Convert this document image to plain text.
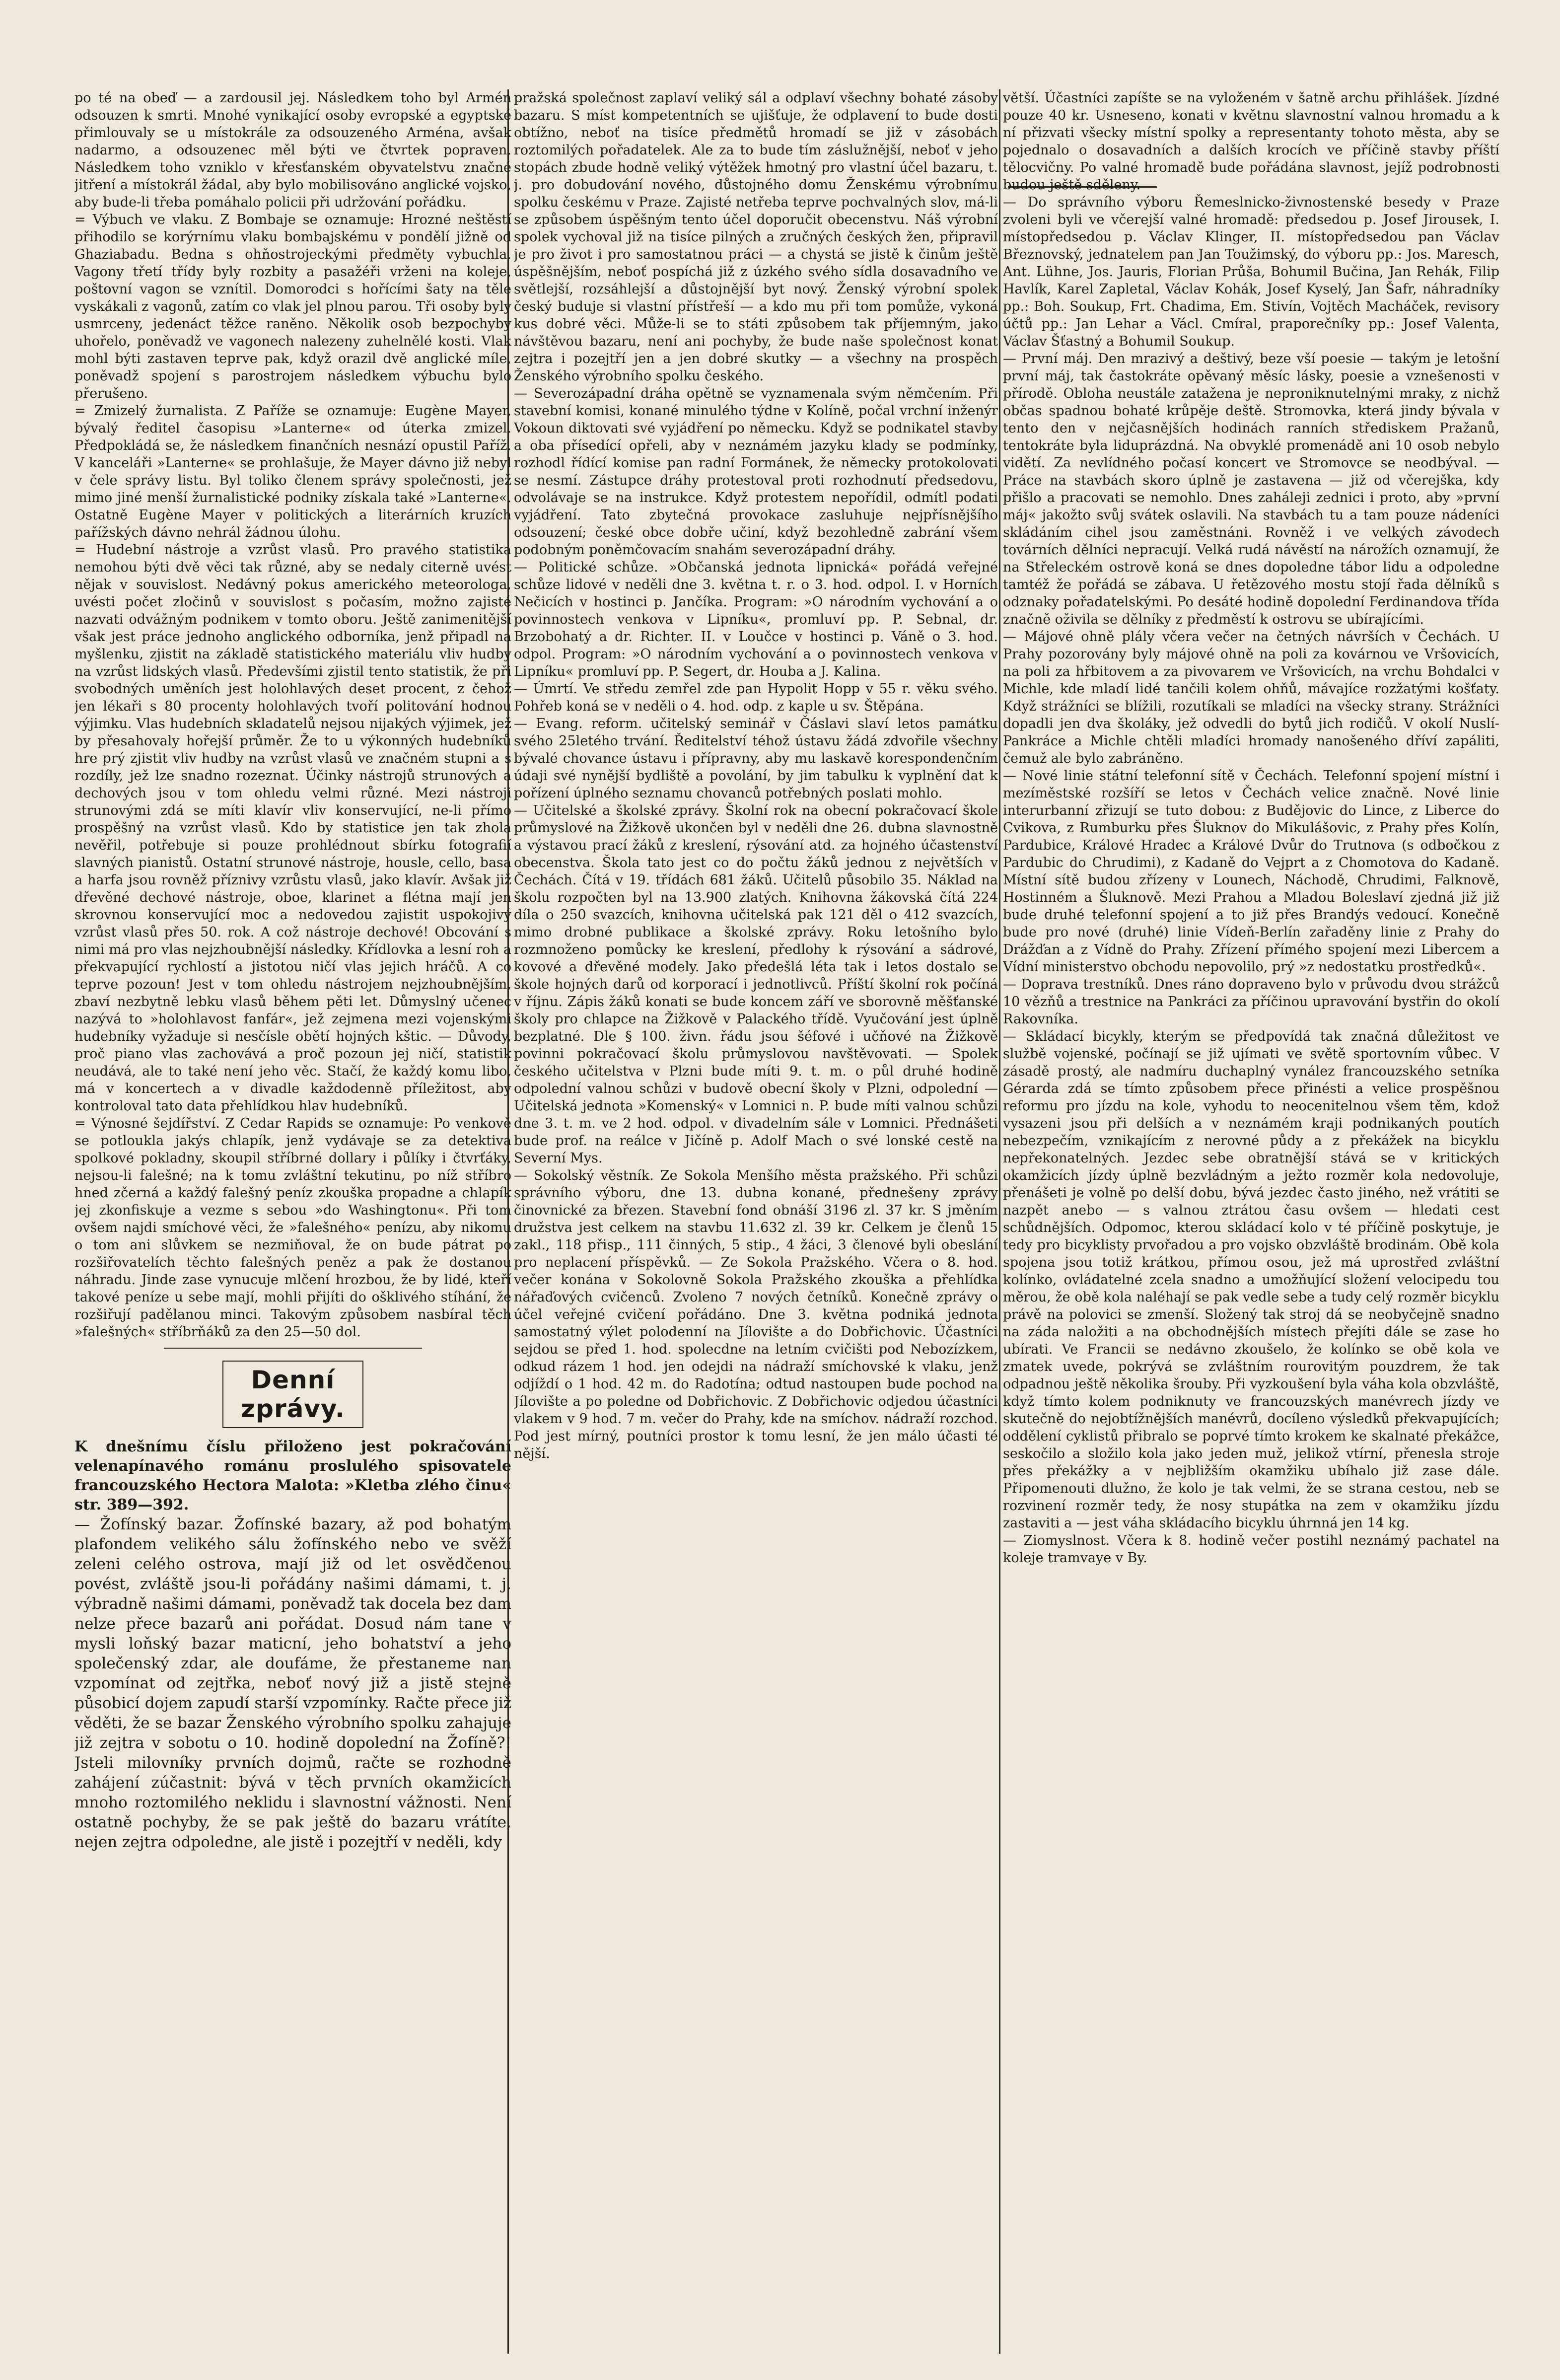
po té na obeď — a zardousil jej. Následkem toho byl Armén odsouzen k smrti. Mnohé vynikající osoby evropské a egyptské přimlouvaly se u místokrále za odsouzeného Arména, avšak nadarmo, a odsouzenec měl býti ve čtvrtek popraven. Následkem toho vzniklo v křesťanském obyvatelstvu značné jitření a místokrál žádal, aby bylo mobilisováno anglické vojsko, aby bude-li třeba pomáhalo policii při udržování pořádku.

= Výbuch ve vlaku. Z Bombaje se oznamuje: Hrozné neštěstí přihodilo se korýrnímu vlaku bombajskému v pondělí jižně od Ghaziabadu. Bedna s ohňostrojeckými předměty vybuchla. Vagony třetí třídy byly rozbity a pasažéři vrženi na koleje, poštovní vagon se vznítil. Domorodci s hořícími šaty na těle vyskákali z vagonů, zatím co vlak jel plnou parou. Tři osoby byly usmrceny, jedenáct těžce raněno. Několik osob bezpochyby uhořelo, poněvadž ve vagonech nalezeny zuhelnělé kosti. Vlak mohl býti zastaven teprve pak, když orazil dvě anglické míle, poněvadž spojení s parostrojem následkem výbuchu bylo přerušeno.

= Zmizelý žurnalista. Z Paříže se oznamuje: Eugène Mayer, bývalý ředitel časopisu »Lanterne« od úterka zmizel. Předpokládá se, že následkem finančních nesnází opustil Paříž. V kanceláři »Lanterne« se prohlašuje, že Mayer dávno již nebyl v čele správy listu. Byl toliko členem správy společnosti, jež mimo jiné menší žurnalistické podniky získala také »Lanterne«. Ostatně Eugène Mayer v politických a literárních kruzích pařížských dávno nehrál žádnou úlohu.

= Hudební nástroje a vzrůst vlasů. Pro pravého statistika nemohou býti dvě věci tak různé, aby se nedaly citerně uvést nějak v souvislost. Nedávný pokus amerického meteorologa, uvésti počet zločinů v souvislost s počasím, možno zajisté nazvati odvážným podnikem v tomto oboru. Ještě zanimenitější však jest práce jednoho anglického odborníka, jenž připadl na myšlenku, zjistit na základě statistického materiálu vliv hudby na vzrůst lidských vlasů. Předevšími zjistil tento statistik, že při svobodných uměních jest holohlavých deset procent, z čehož jen lékaři s 80 procenty holohlavých tvoří politování hodnou výjimku. Vlas hudebních skladatelů nejsou nijakých výjimek, jež by přesahovaly hořejší průměr. Že to u výkonných hudebníků hre prý zjistit vliv hudby na vzrůst vlasů ve značném stupni a s rozdíly, jež lze snadno rozeznat. Účinky nástrojů strunových a dechových jsou v tom ohledu velmi různé. Mezi nástroji strunovými zdá se míti klavír vliv konservující, ne-li přímo prospěšný na vzrůst vlasů. Kdo by statistice jen tak zhola nevěřil, potřebuje si pouze prohlédnout sbírku fotografií slavných pianistů. Ostatní strunové nástroje, housle, cello, basa a harfa jsou rovněž příznivy vzrůstu vlasů, jako klavír. Avšak již dřevěné dechové nástroje, oboe, klarinet a flétna mají jen skrovnou konservující moc a nedovedou zajistit uspokojivý vzrůst vlasů přes 50. rok. A což nástroje dechové! Obcování s nimi má pro vlas nejzhoubnější následky. Křídlovka a lesní roh a překvapující rychlostí a jistotou ničí vlas jejich hráčů. A co teprve pozoun! Jest v tom ohledu nástrojem nejzhoubnějším, zbaví nezbytně lebku vlasů během pěti let. Důmyslný učenec nazývá to »holohlavost fanfár«, jež zejmena mezi vojenskými hudebníky vyžaduje si nesčísle obětí hojných kštic. — Důvody, proč piano vlas zachovává a proč pozoun jej ničí, statistik neudává, ale to také není jeho věc. Stačí, že každý komu libo, má v koncertech a v divadle každodenně příležitost, aby kontroloval tato data přehlídkou hlav hudebníků.

= Výnosné šejdířství. Z Cedar Rapids se oznamuje: Po venkově se potloukla jakýs chlapík, jenž vydávaje se za detektiva spolkové pokladny, skoupil stříbrné dollary i půlíky i čtvrťáky, nejsou-li falešné; na k tomu zvláštní tekutinu, po níž stříbro hned zčerná a každý falešný peníz zkouška propadne a chlapík jej zkonfiskuje a vezme s sebou »do Washingtonu«. Při tom ovšem najdi smíchové věci, že »falešného« penízu, aby nikomu o tom ani slůvkem se nezmiňoval, že on bude pátrat po rozšiřovatelích těchto falešných peněz a pak že dostanou náhradu. Jinde zase vynucuje mlčení hrozbou, že by lidé, kteří takové peníze u sebe mají, mohli přijíti do ošklivého stíhání, že rozšiřují padělanou minci. Takovým způsobem nasbíral těch »falešných« stříbrňáků za den 25—50 dol.

Denní zprávy.

K dnešnímu číslu přiloženo jest pokračování velenapínavého románu proslulého spisovatele francouzského Hectora Malota: »Kletba zlého činu« str. 389—392.

— Žofínský bazar. Žofínské bazary, až pod bohatým plafondem velikého sálu žofínského nebo ve svěží zeleni celého ostrova, mají již od let osvědčenou povést, zvláště jsou-li pořádány našimi dámami, t. j. výbradně našimi dámami, poněvadž tak docela bez dam nelze přece bazarů ani pořádat. Dosud nám tane v mysli loňský bazar maticní, jeho bohatství a jeho společenský zdar, ale doufáme, že přestaneme nan vzpomínat od zejtřka, neboť nový již a jistě stejně působicí dojem zapudí starší vzpomínky. Račte přece již věděti, že se bazar Ženského výrobního spolku zahajuje již zejtra v sobotu o 10. hodině dopolední na Žofíně?! Jsteli milovníky prvních dojmů, račte se rozhodně zahájení zúčastnit: bývá v těch prvních okamžicích mnoho roztomilého neklidu i slavnostní vážnosti. Není ostatně pochyby, že se pak ještě do bazaru vrátíte, nejen zejtra odpoledne, ale jistě i pozejtří v neděli, kdy

pražská společnost zaplaví veliký sál a odplaví všechny bohaté zásoby bazaru. S míst kompetentních se ujišťuje, že odplavení to bude dosti obtížno, neboť na tisíce předmětů hromadí se již v zásobách roztomilých pořadatelek. Ale za to bude tím záslužnější, neboť v jeho stopách zbude hodně veliký výtěžek hmotný pro vlastní účel bazaru, t. j. pro dobudování nového, důstojného domu Ženskému výrobnímu spolku českému v Praze. Zajisté netřeba teprve pochvalných slov, má-li se způsobem úspěšným tento účel doporučit obecenstvu. Náš výrobní spolek vychoval již na tisíce pilných a zručných českých žen, připravil je pro život i pro samostatnou práci — a chystá se jistě k činům ještě úspěšnějším, neboť pospíchá již z úzkého svého sídla dosavadního ve světlejší, rozsáhlejší a důstojnější byt nový. Ženský výrobní spolek český buduje si vlastní přístřeší — a kdo mu při tom pomůže, vykoná kus dobré věci. Může-li se to státi způsobem tak příjemným, jako návštěvou bazaru, není ani pochyby, že bude naše společnost konat zejtra i pozejtří jen a jen dobré skutky — a všechny na prospěch Ženského výrobního spolku českého.

— Severozápadní dráha opětně se vyznamenala svým němčením. Při stavební komisi, konané minulého týdne v Kolíně, počal vrchní inženýr Vokoun diktovati své vyjádření po německu. Když se podnikatel stavby a oba přísedící opřeli, aby v neznámém jazyku klady se podmínky, rozhodl řídící komise pan radní Formánek, že německy protokolovati se nesmí. Zástupce dráhy protestoval proti rozhodnutí předsedovu, odvolávaje se na instrukce. Když protestem nepořídil, odmítl podati vyjádření. Tato zbytečná provokace zasluhuje nejpřísnějšího odsouzení; české obce dobře učiní, když bezohledně zabrání všem podobným poněmčovacím snahám severozápadní dráhy.

— Politické schůze. »Občanská jednota lipnická« pořádá veřejné schůze lidové v neděli dne 3. května t. r. o 3. hod. odpol. I. v Horních Nečicích v hostinci p. Jančíka. Program: »O národním vychování a o povinnostech venkova v Lipníku«, promluví pp. P. Sebnal, dr. Brzobohatý a dr. Richter. II. v Loučce v hostinci p. Váně o 3. hod. odpol. Program: »O národním vychování a o povinnostech venkova v Lipníku« promluví pp. P. Segert, dr. Houba a J. Kalina.

— Úmrtí. Ve středu zemřel zde pan Hypolit Hopp v 55 r. věku svého. Pohřeb koná se v neděli o 4. hod. odp. z kaple u sv. Štěpána.

— Evang. reform. učitelský seminář v Čáslavi slaví letos památku svého 25letého trvání. Ředitelství téhož ústavu žádá zdvořile všechny bývalé chovance ústavu i přípravny, aby mu laskavě korespondenčním údaji své nynější bydliště a povolání, by jim tabulku k vyplnění dat k pořízení úplného seznamu chovanců potřebných poslati mohlo.

— Učitelské a školské zprávy. Školní rok na obecní pokračovací škole průmyslové na Žižkově ukončen byl v neděli dne 26. dubna slavnostně a výstavou prací žáků z kreslení, rýsování atd. za hojného účastenství obecenstva. Škola tato jest co do počtu žáků jednou z největších v Čechách. Čítá v 19. třídách 681 žáků. Učitelů působilo 35. Náklad na školu rozpočten byl na 13.900 zlatých. Knihovna žákovská čítá 224 díla o 250 svazcích, knihovna učitelská pak 121 děl o 412 svazcích, mimo drobné publikace a školské zprávy. Roku letošního bylo rozmnoženo pomůcky ke kreslení, předlohy k rýsování a sádrové, kovové a dřevěné modely. Jako předešlá léta tak i letos dostalo se škole hojných darů od korporací i jednotlivců. Příští školní rok počíná v říjnu. Zápis žáků konati se bude koncem září ve sborovně měšťanské školy pro chlapce na Žižkově v Palackého třídě. Vyučování jest úplně bezplatné. Dle § 100. živn. řádu jsou šéfové i učňové na Žižkově povinni pokračovací školu průmyslovou navštěvovati. — Spolek českého učitelstva v Plzni bude míti 9. t. m. o půl druhé hodině odpolední valnou schůzi v budově obecní školy v Plzni, odpolední — Učitelská jednota »Komenský« v Lomnici n. P. bude míti valnou schůzi dne 3. t. m. ve 2 hod. odpol. v divadelním sále v Lomnici. Přednášeti bude prof. na reálce v Jičíně p. Adolf Mach o své lonské cestě na Severní Mys.

— Sokolský věstník. Ze Sokola Menšího města pražského. Při schůzi správního výboru, dne 13. dubna konané, přednešeny zprávy činovnické za březen. Stavební fond obnáší 3196 zl. 37 kr. S jměním družstva jest celkem na stavbu 11.632 zl. 39 kr. Celkem je členů 15 zakl., 118 přisp., 111 činných, 5 stip., 4 žáci, 3 členové byli obeslání pro neplacení příspěvků. — Ze Sokola Pražského. Včera o 8. hod. večer konána v Sokolovně Sokola Pražského zkouška a přehlídka nářaďových cvičenců. Zvoleno 7 nových četníků. Konečně zprávy o účel veřejné cvičení pořádáno. Dne 3. května podniká jednota samostatný výlet polodenní na Jílovište a do Dobřichovic. Účastníci sejdou se před 1. hod. spolecdne na letním cvičišti pod Nebozízkem, odkud rázem 1 hod. jen odejdi na nádraží smíchovské k vlaku, jenž odjíždí o 1 hod. 42 m. do Radotína; odtud nastoupen bude pochod na Jílovište a po poledne od Dobřichovic. Z Dobřichovic odjedou účastníci vlakem v 9 hod. 7 m. večer do Prahy, kde na smíchov. nádraží rozchod. Pod jest mírný, poutníci prostor k tomu lesní, že jen málo účasti té nější.

větší. Účastníci zapíšte se na vyloženém v šatně archu přihlášek. Jízdné pouze 40 kr. Usneseno, konati v květnu slavnostní valnou hromadu a k ní přizvati všecky místní spolky a representanty tohoto města, aby se pojednalo o dosavadních a dalších krocích ve příčině stavby příští tělocvičny. Po valné hromadě bude pořádána slavnost, jejíž podrobnosti budou ještě sděleny.

— Do správního výboru Řemeslnicko-živnostenské besedy v Praze zvoleni byli ve včerejší valné hromadě: předsedou p. Josef Jirousek, I. místopředsedou p. Václav Klinger, II. místopředsedou pan Václav Březnovský, jednatelem pan Jan Toužimský, do výboru pp.: Jos. Maresch, Ant. Lühne, Jos. Jauris, Florian Průša, Bohumil Bučina, Jan Rehák, Filip Havlík, Karel Zapletal, Václav Kohák, Josef Kyselý, Jan Šafr, náhradníky pp.: Boh. Soukup, Frt. Chadima, Em. Stivín, Vojtěch Macháček, revisory účtů pp.: Jan Lehar a Václ. Cmíral, praporečníky pp.: Josef Valenta, Václav Šťastný a Bohumil Soukup.

— První máj. Den mrazivý a deštivý, beze vší poesie — takým je letošní první máj, tak častokráte opěvaný měsíc lásky, poesie a vznešenosti v přírodě. Obloha neustále zatažena je neproniknutelnými mraky, z nichž občas spadnou bohaté krůpěje deště. Stromovka, která jindy bývala v tento den v nejčasnějších hodinách ranních střediskem Pražanů, tentokráte byla liduprázdná. Na obvyklé promenádě ani 10 osob nebylo vidětí. Za nevlídného počasí koncert ve Stromovce se neodbýval. — Práce na stavbách skoro úplně je zastavena — již od včerejška, kdy přišlo a pracovati se nemohlo. Dnes zaháleji zednici i proto, aby »první máj« jakožto svůj svátek oslavili. Na stavbách tu a tam pouze nádeníci skládáním cihel jsou zaměstnáni. Rovněž i ve velkých závodech továrních dělníci nepracují. Velká rudá návěstí na nárožích oznamují, že na Střeleckém ostrově koná se dnes dopoledne tábor lidu a odpoledne tamtéž že pořádá se zábava. U řetězového mostu stojí řada dělníků s odznaky pořadatelskými. Po desáté hodině dopolední Ferdinandova třída značně oživila se dělníky z předměstí k ostrovu se ubírajícími.

— Májové ohně plály včera večer na četných návrších v Čechách. U Prahy pozorovány byly májové ohně na poli za kovárnou ve Vršovicích, na poli za hřbitovem a za pivovarem ve Vršovicích, na vrchu Bohdalci v Michle, kde mladí lidé tančili kolem ohňů, mávajíce rozžatými košťaty. Když strážníci se blížili, rozutíkali se mladíci na všecky strany. Strážníci dopadli jen dva školáky, jež odvedli do bytů jich rodičů. V okolí Nuslí-Pankráce a Michle chtěli mladíci hromady nanošeného dříví zapáliti, čemuž ale bylo zabráněno.

— Nové linie státní telefonní sítě v Čechách. Telefonní spojení místní i mezíměstské rozšíří se letos v Čechách velice značně. Nové linie interurbanní zřizují se tuto dobou: z Budějovic do Lince, z Liberce do Cvikova, z Rumburku přes Šluknov do Mikulášovic, z Prahy přes Kolín, Pardubice, Králové Hradec a Králové Dvůr do Trutnova (s odbočkou z Pardubic do Chrudimi), z Kadaně do Vejprt a z Chomotova do Kadaně. Místní sítě budou zřízeny v Lounech, Náchodě, Chrudimi, Falknově, Hostinném a Šluknově. Mezi Prahou a Mladou Boleslaví zjedná již již bude druhé telefonní spojení a to již přes Brandýs vedoucí. Konečně bude pro nové (druhé) linie Vídeň-Berlín zařaděny linie z Prahy do Drážďan a z Vídně do Prahy. Zřízení přímého spojení mezi Libercem a Vídní ministerstvo obchodu nepovolilo, prý »z nedostatku prostředků«.

— Doprava trestníků. Dnes ráno dopraveno bylo v průvodu dvou strážců 10 vězňů a trestnice na Pankráci za příčinou upravování bystřin do okolí Rakovníka.

— Skládací bicykly, kterým se předpovídá tak značná důležitost ve službě vojenské, počínají se již ujímati ve světě sportovním vůbec. V zásadě prostý, ale nadmíru duchaplný vynález francouzského setníka Gérarda zdá se tímto způsobem přece přinésti a velice prospěšnou reformu pro jízdu na kole, vyhodu to neocenitelnou všem těm, kdož vysazeni jsou při delších a v neznámém kraji podnikaných poutích nebezpečím, vznikajícím z nerovné půdy a z překážek na bicyklu nepřekonatelných. Jezdec sebe obratnější stává se v kritických okamžicích jízdy úplně bezvládným a ježto rozměr kola nedovoluje, přenášeti je volně po delší dobu, bývá jezdec často jiného, než vrátiti se nazpět anebo — s valnou ztrátou času ovšem — hledati cest schůdnějších. Odpomoc, kterou skládací kolo v té příčině poskytuje, je tedy pro bicyklisty prvořadou a pro vojsko obzvláště brodinám. Obě kola spojena jsou totiž krátkou, přímou osou, jež má uprostřed zvláštní kolínko, ovládatelné zcela snadno a umožňující složení velocipedu tou měrou, že obě kola naléhají se pak vedle sebe a tudy celý rozměr bicyklu právě na polovici se zmenší. Složený tak stroj dá se neobyčejně snadno na záda naložiti a na obchodnějších místech přejíti dále se zase ho ubírati. Ve Francii se nedávno zkoušelo, že kolínko se obě kola ve zmatek uvede, pokrývá se zvláštním rourovitým pouzdrem, že tak odpadnou ještě několika šrouby. Při vyzkoušení byla váha kola obzvláště, když tímto kolem podniknuty ve francouzských manévrech jízdy ve skutečně do nejobtížnějších manévrů, docíleno výsledků překvapujících; oddělení cyklistů přibralo se poprvé tímto krokem ke skalnaté překážce, seskočilo a složilo kola jako jeden muž, jelikož vtírní, přenesla stroje přes překážky a v nejbližším okamžiku ubíhalo již zase dále. Připomenouti dlužno, že kolo je tak velmi, že se strana cestou, neb se rozvinení rozměr tedy, že nosy stupátka na zem v okamžiku jízdu zastaviti a — jest váha skládacího bicyklu úhrnná jen 14 kg.

— Ziomyslnost. Včera k 8. hodině večer postihl neznámý pachatel na koleje tramvaye v By.
